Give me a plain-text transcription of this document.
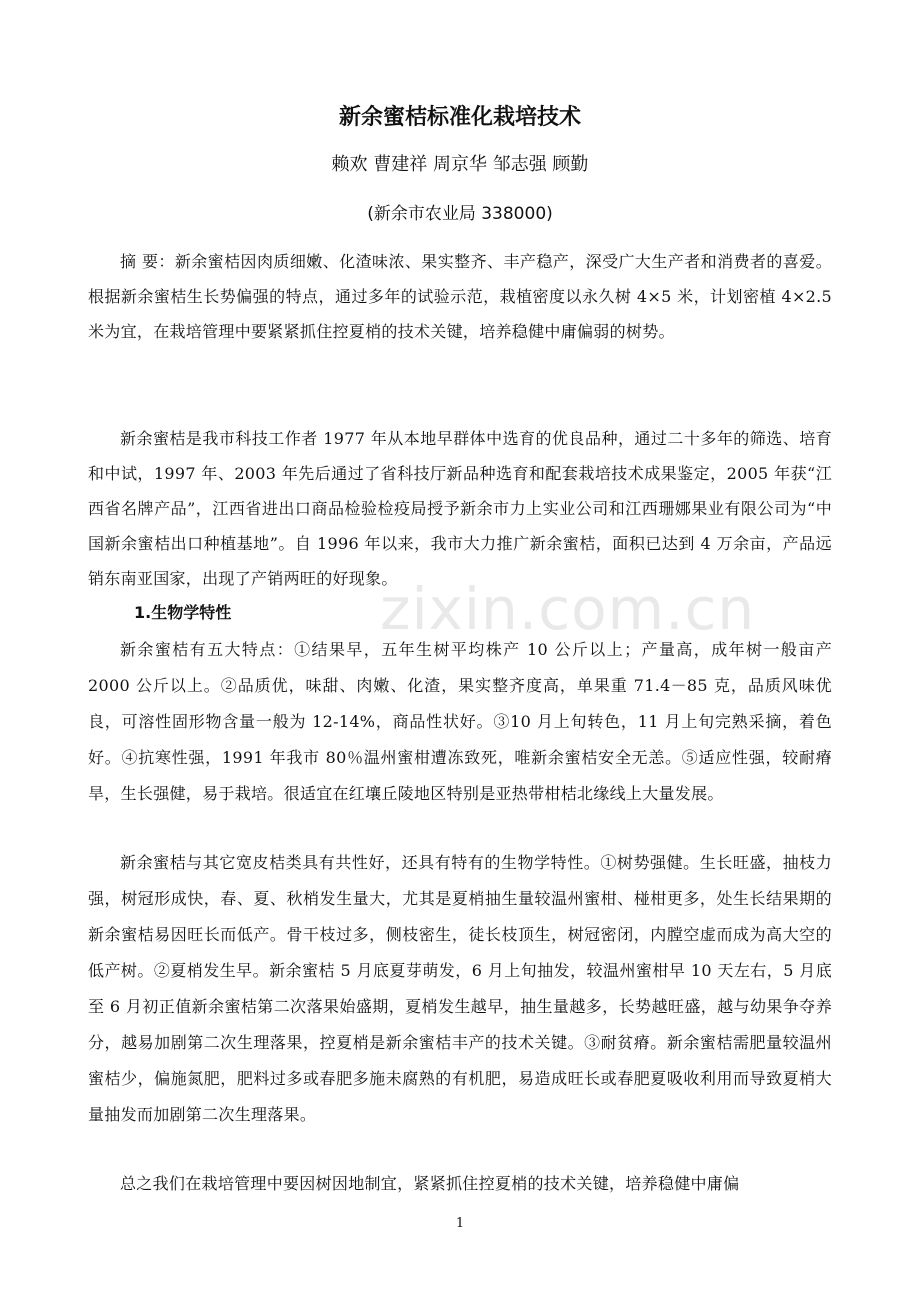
zixin.com.cn
新余蜜桔标准化栽培技术
赖欢 曹建祥 周京华 邹志强 顾勤
(新余市农业局 338000)

摘 要：新余蜜桔因肉质细嫩、化渣味浓、果实整齐、丰产稳产，深受广大生产者和消费者的喜爱。根据新余蜜桔生长势偏强的特点，通过多年的试验示范，栽植密度以永久树 4×5 米，计划密植 4×2.5 米为宜，在栽培管理中要紧紧抓住控夏梢的技术关键，培养稳健中庸偏弱的树势。

新余蜜桔是我市科技工作者 1977 年从本地早群体中选育的优良品种，通过二十多年的筛选、培育和中试，1997 年、2003 年先后通过了省科技厅新品种选育和配套栽培技术成果鉴定，2005 年获“江西省名牌产品”，江西省进出口商品检验检疫局授予新余市力上实业公司和江西珊娜果业有限公司为“中国新余蜜桔出口种植基地”。自 1996 年以来，我市大力推广新余蜜桔，面积已达到 4 万余亩，产品远销东南亚国家，出现了产销两旺的好现象。

1.生物学特性

新余蜜桔有五大特点：①结果早，五年生树平均株产 10 公斤以上；产量高，成年树一般亩产 2000 公斤以上。②品质优，味甜、肉嫩、化渣，果实整齐度高，单果重 71.4－85 克，品质风味优良，可溶性固形物含量一般为 12-14%，商品性状好。③10 月上旬转色，11 月上旬完熟采摘，着色好。④抗寒性强，1991 年我市 80％温州蜜柑遭冻致死，唯新余蜜桔安全无恙。⑤适应性强，较耐瘠旱，生长强健，易于栽培。很适宜在红壤丘陵地区特别是亚热带柑桔北缘线上大量发展。

新余蜜桔与其它宽皮桔类具有共性好，还具有特有的生物学特性。①树势强健。生长旺盛，抽枝力强，树冠形成快，春、夏、秋梢发生量大，尤其是夏梢抽生量较温州蜜柑、椪柑更多，处生长结果期的新余蜜桔易因旺长而低产。骨干枝过多，侧枝密生，徒长枝顶生，树冠密闭，内膛空虚而成为高大空的低产树。②夏梢发生早。新余蜜桔 5 月底夏芽萌发，6 月上旬抽发，较温州蜜柑早 10 天左右，5 月底至 6 月初正值新余蜜桔第二次落果始盛期，夏梢发生越早，抽生量越多，长势越旺盛，越与幼果争夺养分，越易加剧第二次生理落果，控夏梢是新余蜜桔丰产的技术关键。③耐贫瘠。新余蜜桔需肥量较温州蜜桔少，偏施氮肥，肥料过多或春肥多施未腐熟的有机肥，易造成旺长或春肥夏吸收利用而导致夏梢大量抽发而加剧第二次生理落果。

总之我们在栽培管理中要因树因地制宜，紧紧抓住控夏梢的技术关键，培养稳健中庸偏

1
